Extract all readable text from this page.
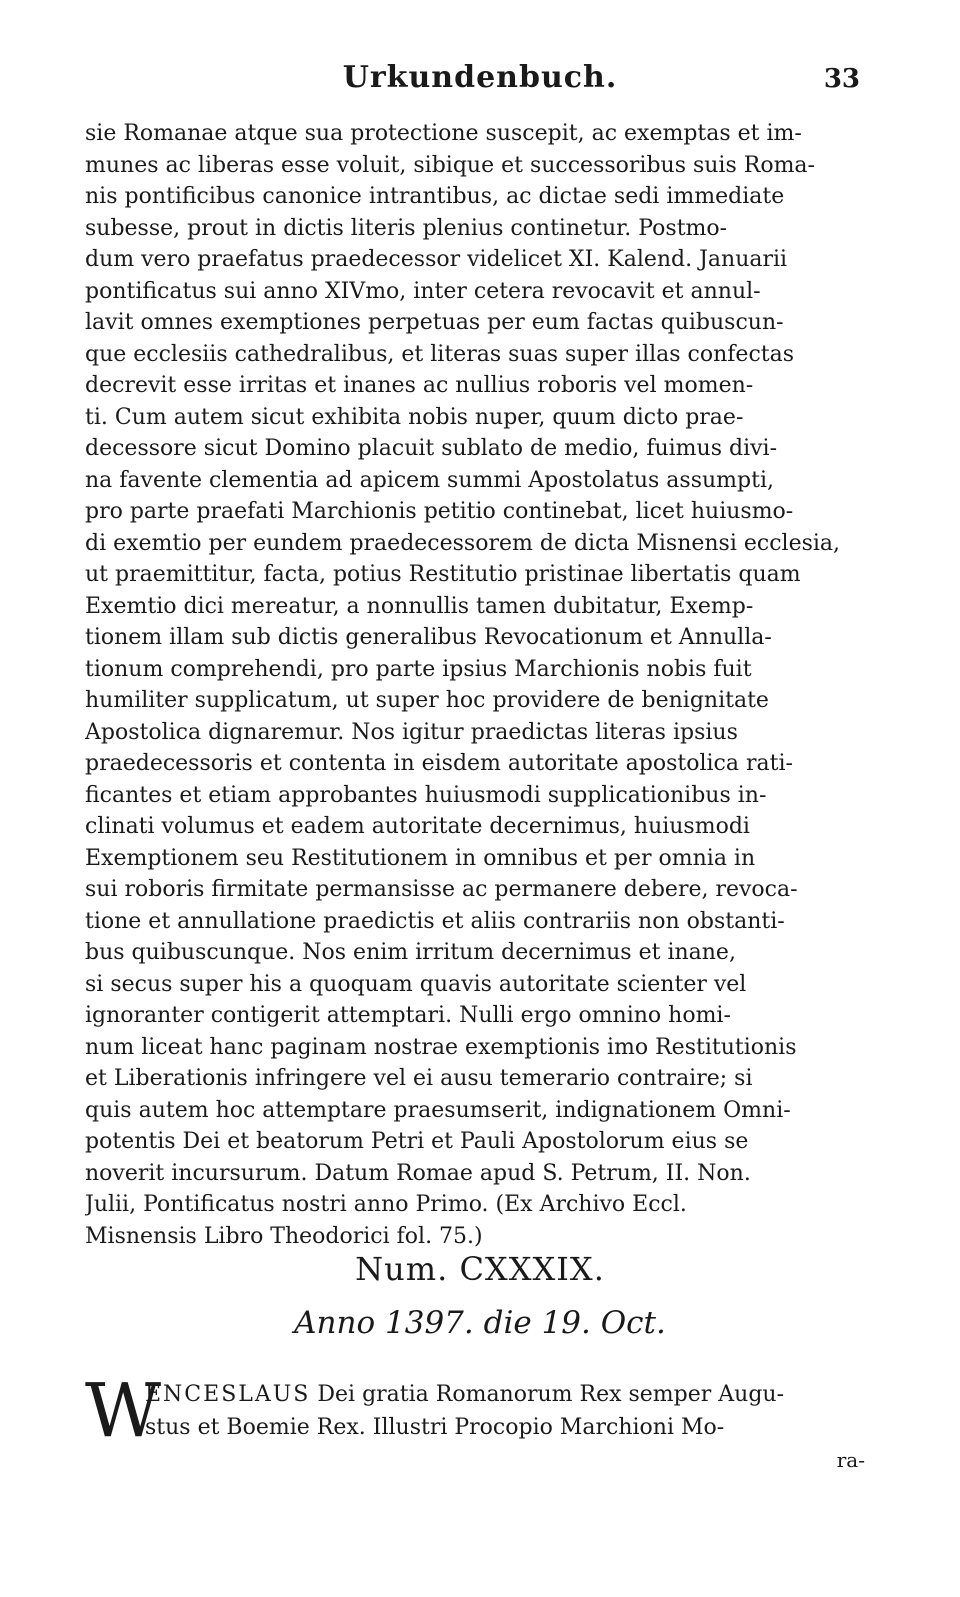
Urkundenbuch.	33
sie Romanae atque sua protectione suscepit, ac exemptas et im-
munes ac liberas esse voluit, sibique et successoribus suis Roma-
nis pontificibus canonice intrantibus, ac dictae sedi immediate
subesse, prout in dictis literis plenius continetur. Postmo-
dum vero praefatus praedecessor videlicet XI. Kalend. Januarii
pontificatus sui anno XIVmo, inter cetera revocavit et annul-
lavit omnes exemptiones perpetuas per eum factas quibuscun-
que ecclesiis cathedralibus, et literas suas super illas confectas
decrevit esse irritas et inanes ac nullius roboris vel momen-
ti. Cum autem sicut exhibita nobis nuper, quum dicto prae-
decessore sicut Domino placuit sublato de medio, fuimus divi-
na favente clementia ad apicem summi Apostolatus assumpti,
pro parte praefati Marchionis petitio continebat, licet huiusmo-
di exemtio per eundem praedecessorem de dicta Misnensi ecclesia,
ut praemittitur, facta, potius Restitutio pristinae libertatis quam
Exemtio dici mereatur, a nonnullis tamen dubitatur, Exemp-
tionem illam sub dictis generalibus Revocationum et Annulla-
tionum comprehendi, pro parte ipsius Marchionis nobis fuit
humiliter supplicatum, ut super hoc providere de benignitate
Apostolica dignaremur. Nos igitur praedictas literas ipsius
praedecessoris et contenta in eisdem autoritate apostolica rati-
ficantes et etiam approbantes huiusmodi supplicationibus in-
clinati volumus et eadem autoritate decernimus, huiusmodi
Exemptionem seu Restitutionem in omnibus et per omnia in
sui roboris firmitate permansisse ac permanere debere, revoca-
tione et annullatione praedictis et aliis contrariis non obstanti-
bus quibuscunque. Nos enim irritum decernimus et inane,
si secus super his a quoquam quavis autoritate scienter vel
ignoranter contigerit attemptari. Nulli ergo omnino homi-
num liceat hanc paginam nostrae exemptionis imo Restitutionis
et Liberationis infringere vel ei ausu temerario contraire; si
quis autem hoc attemptare praesumserit, indignationem Omni-
potentis Dei et beatorum Petri et Pauli Apostolorum eius se
noverit incursurum. Datum Romae apud S. Petrum, II. Non.
Julii, Pontificatus nostri anno Primo. (Ex Archivo Eccl.
Misnensis Libro Theodorici fol. 75.)
Num. CXXXIX.
Anno 1397. die 19. Oct.
W
ENCESLAUS Dei gratia Romanorum Rex semper Augu-
stus et Boemie Rex. Illustri Procopio Marchioni Mo-
ra-
